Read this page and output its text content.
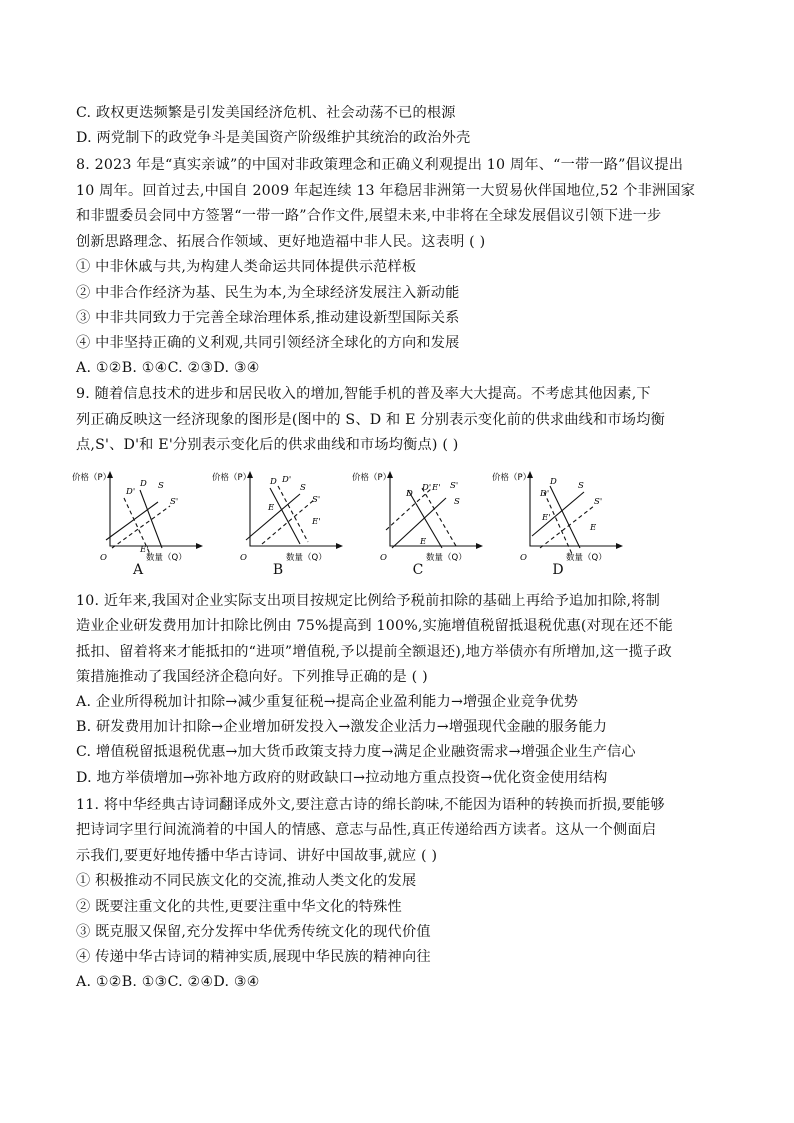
C. 政权更迭频繁是引发美国经济危机、社会动荡不已的根源
D. 两党制下的政党争斗是美国资产阶级维护其统治的政治外壳
8. 2023 年是“真实亲诚”的中国对非政策理念和正确义利观提出 10 周年、“一带一路”倡议提出
10 周年。回首过去,中国自 2009 年起连续 13 年稳居非洲第一大贸易伙伴国地位,52 个非洲国家
和非盟委员会同中方签署“一带一路”合作文件,展望未来,中非将在全球发展倡议引领下进一步
创新思路理念、拓展合作领域、更好地造福中非人民。这表明 ( )
① 中非休戚与共,为构建人类命运共同体提供示范样板
② 中非合作经济为基、民生为本,为全球经济发展注入新动能
③ 中非共同致力于完善全球治理体系,推动建设新型国际关系
④ 中非坚持正确的义利观,共同引领经济全球化的方向和发展
A. ①②B. ①④C. ②③D. ③④
9. 随着信息技术的进步和居民收入的增加,智能手机的普及率大大提高。不考虑其他因素,下
列正确反映这一经济现象的图形是(图中的 S、D 和 E 分别表示变化前的供求曲线和市场均衡
点,S'、D'和 E'分别表示变化后的供求曲线和市场均衡点) ( )
10. 近年来,我国对企业实际支出项目按规定比例给予税前扣除的基础上再给予追加扣除,将制
造业企业研发费用加计扣除比例由 75%提高到 100%,实施增值税留抵退税优惠(对现在还不能
抵扣、留着将来才能抵扣的“进项”增值税,予以提前全额退还),地方举债亦有所增加,这一揽子政
策措施推动了我国经济企稳向好。下列推导正确的是 ( )
A. 企业所得税加计扣除→减少重复征税→提高企业盈利能力→增强企业竞争优势
B. 研发费用加计扣除→企业增加研发投入→激发企业活力→增强现代金融的服务能力
C. 增值税留抵退税优惠→加大货币政策支持力度→满足企业融资需求→增强企业生产信心
D. 地方举债增加→弥补地方政府的财政缺口→拉动地方重点投资→优化资金使用结构
11. 将中华经典古诗词翻译成外文,要注意古诗的绵长韵味,不能因为语种的转换而折损,要能够
把诗词字里行间流淌着的中国人的情感、意志与品性,真正传递给西方读者。这从一个侧面启
示我们,要更好地传播中华古诗词、讲好中国故事,就应 ( )
① 积极推动不同民族文化的交流,推动人类文化的发展
② 既要注重文化的共性,更要注重中华文化的特殊性
③ 既克服又保留,充分发挥中华优秀传统文化的现代价值
④ 传递中华古诗词的精神实质,展现中华民族的精神向往
A. ①②B. ①③C. ②④D. ③④
价格（P）
数量（Q）
O
D
D'
S
S'
E'
A
价格（P）
数量（Q）
O
D D'
S
E
S'
E'
B
价格（P）
数量（Q）
O
D
D' E' S'
S
E
C
价格（P）
数量（Q）
O
D
D'
S
E'
S'
E
D
